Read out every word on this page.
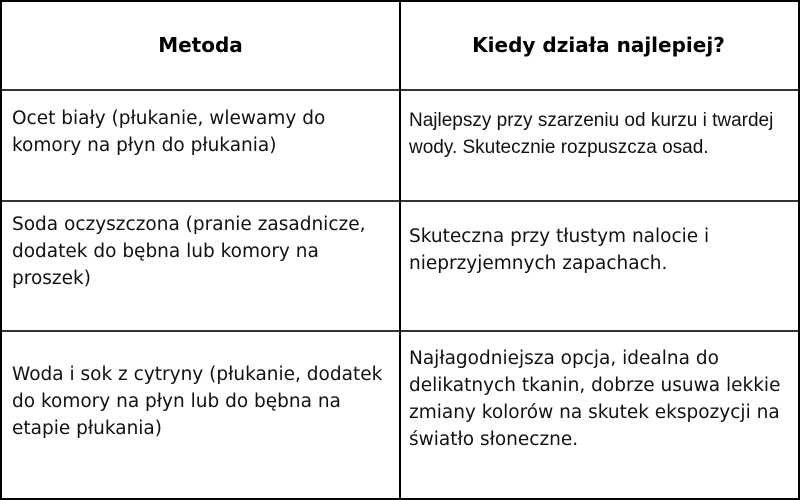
Metoda	Kiedy działa najlepiej?
Ocet biały (płukanie, wlewamy do komory na płyn do płukania)
Najlepszy przy szarzeniu od kurzu i twardej wody. Skutecznie rozpuszcza osad.
Soda oczyszczona (pranie zasadnicze, dodatek do bębna lub komory na proszek)
Skuteczna przy tłustym nalocie i nieprzyjemnych zapachach.
Woda i sok z cytryny (płukanie, dodatek do komory na płyn lub do bębna na etapie płukania)
Najłagodniejsza opcja, idealna do delikatnych tkanin, dobrze usuwa lekkie zmiany kolorów na skutek ekspozycji na światło słoneczne.
